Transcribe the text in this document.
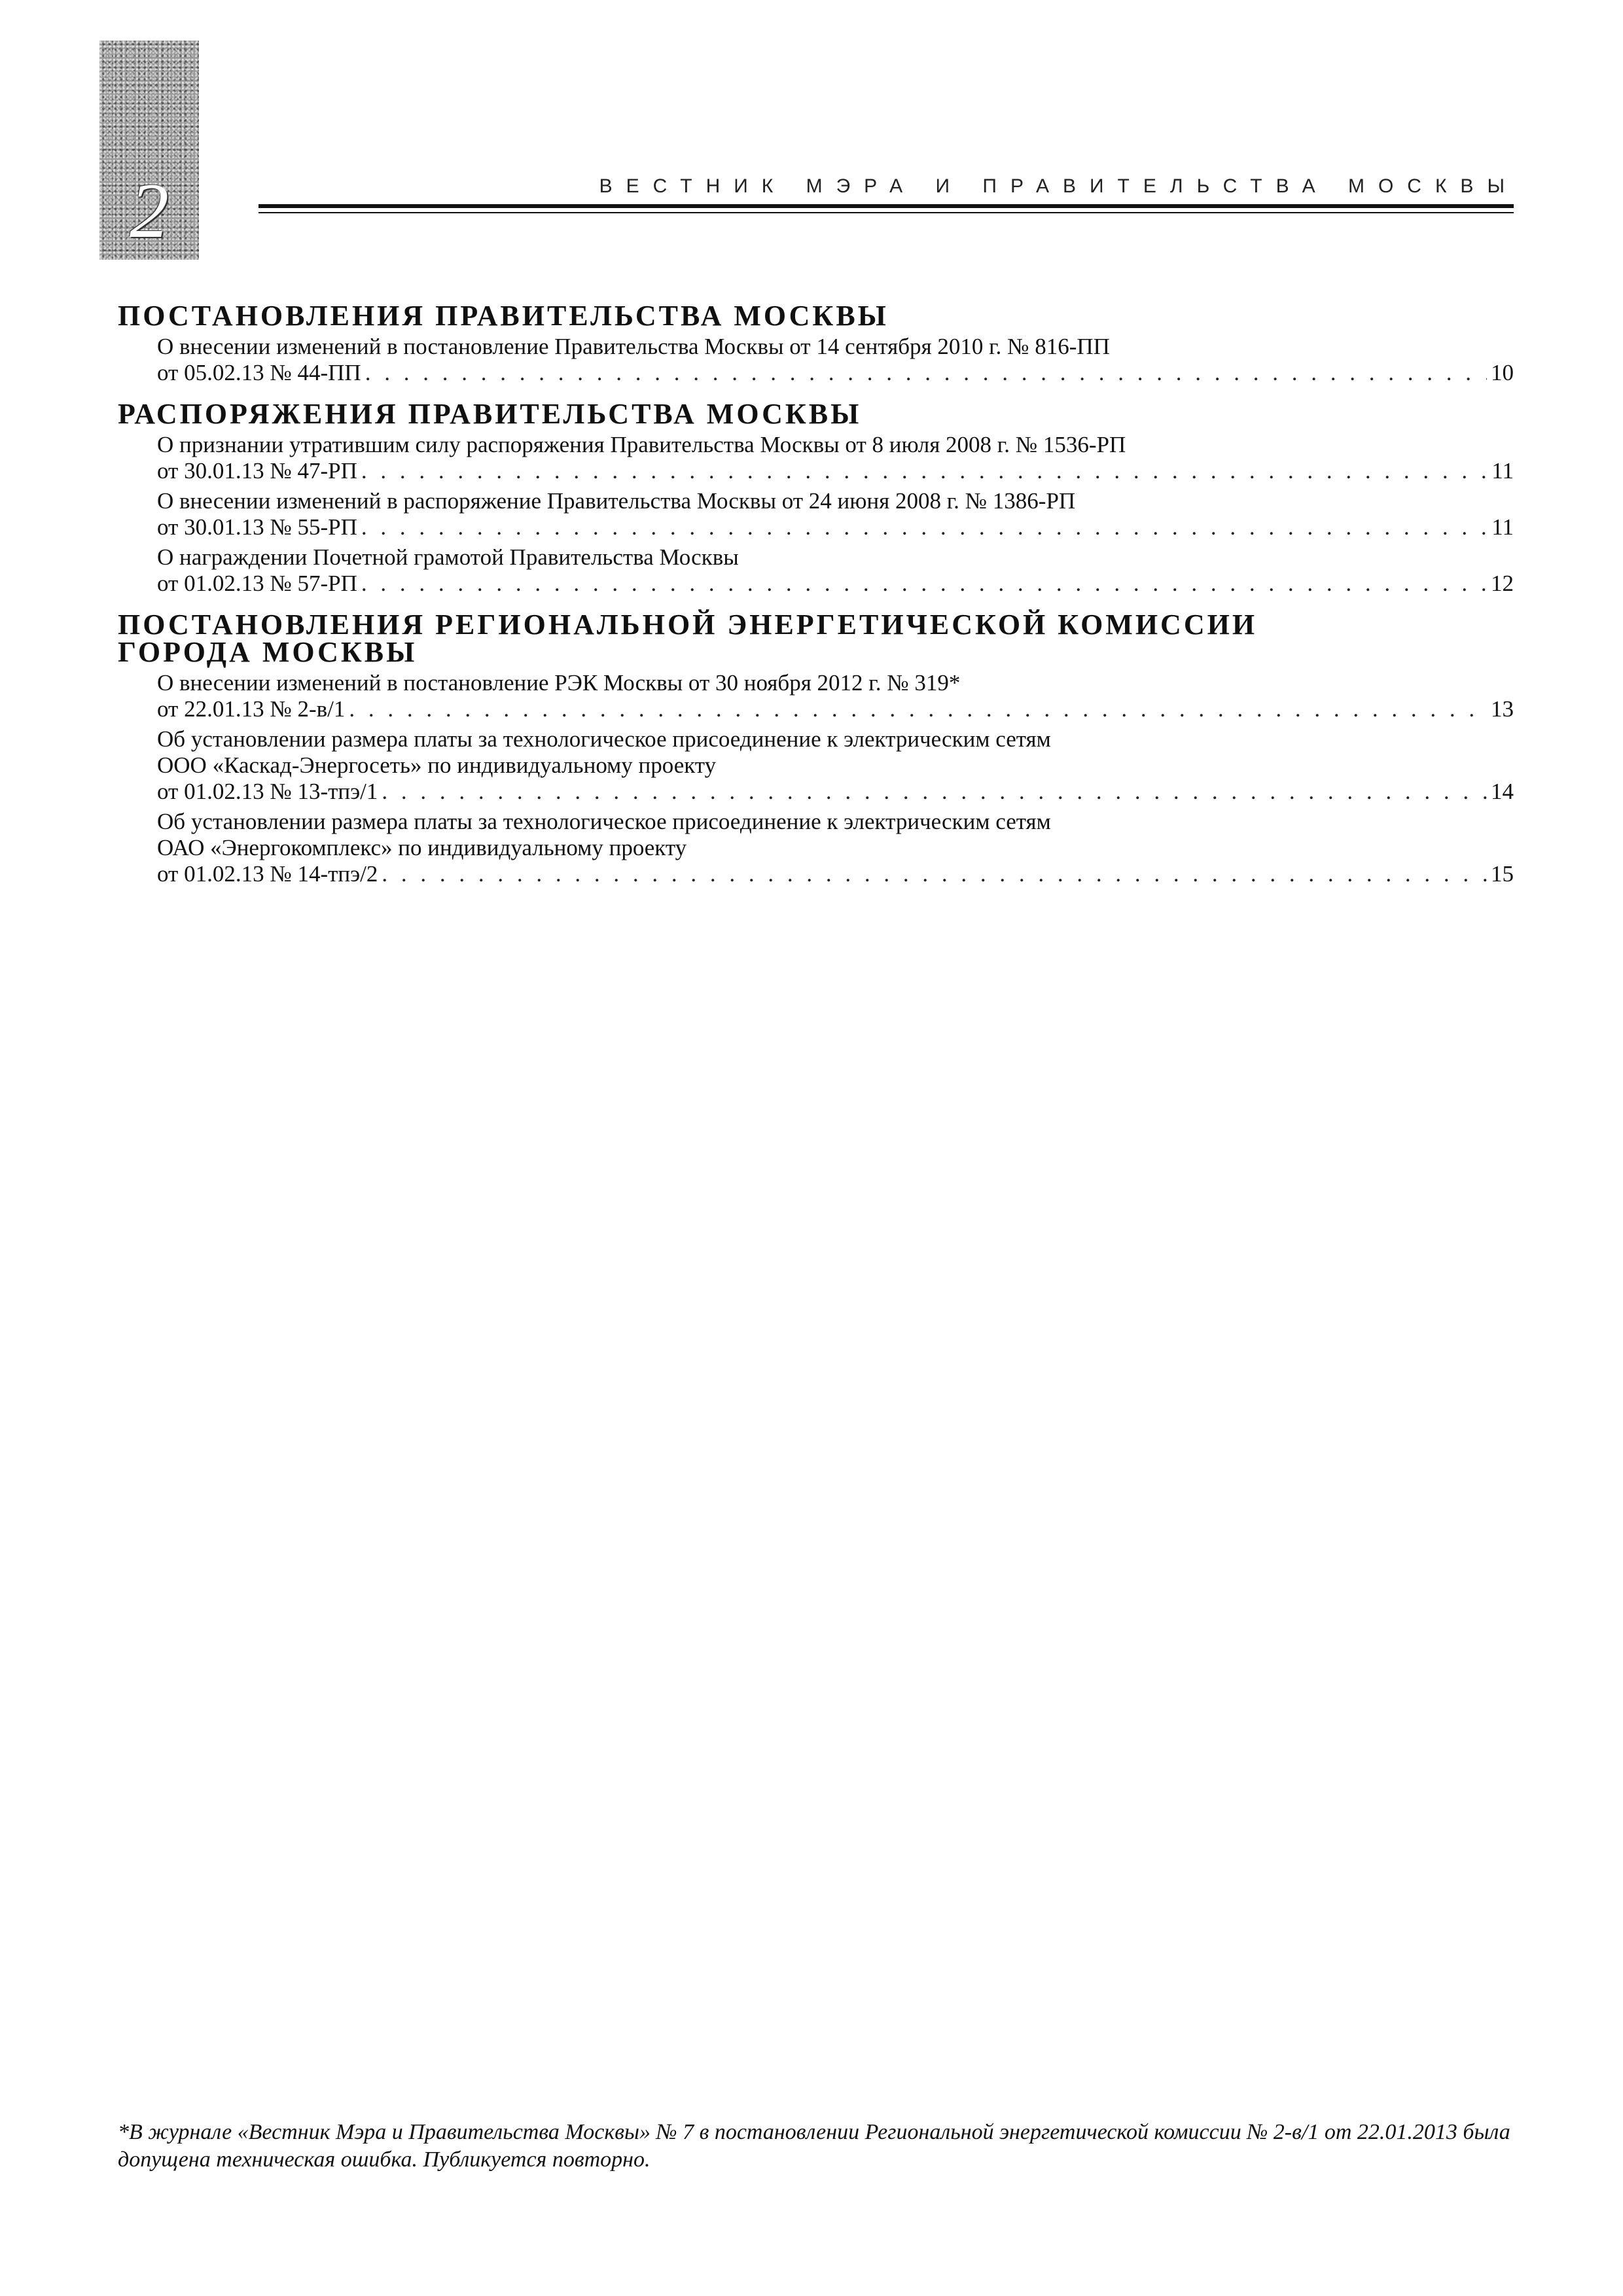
2	ВЕСТНИК МЭРА И ПРАВИТЕЛЬСТВА МОСКВЫ
ПОСТАНОВЛЕНИЯ ПРАВИТЕЛЬСТВА МОСКВЫ
О внесении изменений в постановление Правительства Москвы от 14 сентября 2010 г. № 816-ПП
от 05.02.13 № 44-ПП . . .	10
РАСПОРЯЖЕНИЯ ПРАВИТЕЛЬСТВА МОСКВЫ
О признании утратившим силу распоряжения Правительства Москвы от 8 июля 2008 г. № 1536-РП
от 30.01.13 № 47-РП . . .	11
О внесении изменений в распоряжение Правительства Москвы от 24 июня 2008 г. № 1386-РП
от 30.01.13 № 55-РП . . .	11
О награждении Почетной грамотой Правительства Москвы
от 01.02.13 № 57-РП . . .	12
ПОСТАНОВЛЕНИЯ РЕГИОНАЛЬНОЙ ЭНЕРГЕТИЧЕСКОЙ КОМИССИИ
ГОРОДА МОСКВЫ
О внесении изменений в постановление РЭК Москвы от 30 ноября 2012 г. № 319*
от 22.01.13 № 2-в/1 . . .	13
Об установлении размера платы за технологическое присоединение к электрическим сетям
ООО «Каскад-Энергосеть» по индивидуальному проекту
от 01.02.13 № 13-тпэ/1 . . .	14
Об установлении размера платы за технологическое присоединение к электрическим сетям
ОАО «Энергокомплекс» по индивидуальному проекту
от 01.02.13 № 14-тпэ/2 . . .	15
*В журнале «Вестник Мэра и Правительства Москвы» № 7 в постановлении Региональной энергетической комиссии № 2-в/1 от 22.01.2013 была допущена техническая ошибка. Публикуется повторно.
